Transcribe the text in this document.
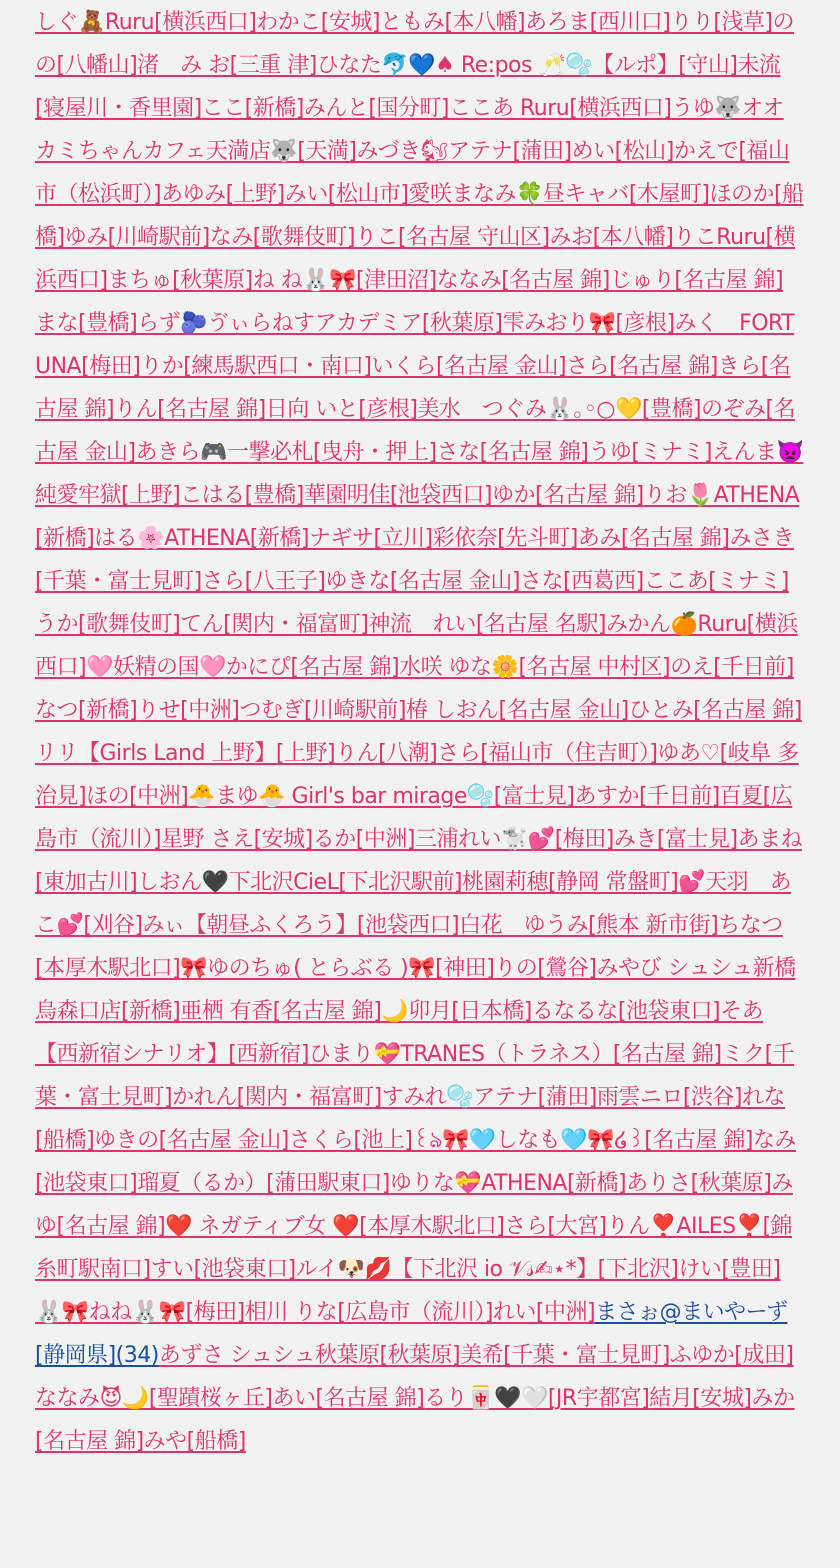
しぐ🧸Ruru[横浜西口]わかこ[安城]ともみ[本八幡]あろま[西川口]りり[浅草]のの[八幡山]渚　み お[三重 津]ひなた🐬💙♠ Re:pos 🥂🫧【ルポ】[守山]未流[寝屋川・香里園]ここ[新橋]みんと[国分町]ここあ Ruru[横浜西口]うゆ🐺オオカミちゃんカフェ天満店🐺[天満]みづき🐿アテナ[蒲田]めい[松山]かえで[福山市（松浜町）]あゆみ[上野]みい[松山市]愛咲まなみ🍀昼キャバ[木屋町]ほのか[船橋]ゆみ[川崎駅前]なみ[歌舞伎町]りこ[名古屋 守山区]みお[本八幡]りこRuru[横浜西口]まちゅ[秋葉原]ね ね🐰🎀[津田沼]ななみ[名古屋 錦]じゅり[名古屋 錦]まな[豊橋]らず🫐ゔぃらねすアカデミア[秋葉原]雫みおり🎀[彦根]みく　FORTUNA[梅田]りか[練馬駅西口・南口]いくら[名古屋 金山]さら[名古屋 錦]きら[名古屋 錦]りん[名古屋 錦]日向 いと[彦根]美水　つぐみ🐰｡◦○💛[豊橋]のぞみ[名古屋 金山]あきら🎮一撃必札[曳舟・押上]さな[名古屋 錦]うゆ[ミナミ]えんま👿純愛牢獄[上野]こはる[豊橋]華園明佳[池袋西口]ゆか[名古屋 錦]りお🌷ATHENA[新橋]はる🌸ATHENA[新橋]ナギサ[立川]彩依奈[先斗町]あみ[名古屋 錦]みさき[千葉・富士見町]さら[八王子]ゆきな[名古屋 金山]さな[西葛西]ここあ[ミナミ]うか[歌舞伎町]てん[関内・福富町]神流　れい[名古屋 名駅]みかん🍊Ruru[横浜西口]🩷妖精の国🩷かにぴ[名古屋 錦]水咲 ゆな🌼[名古屋 中村区]のえ[千日前]なつ[新橋]りせ[中洲]つむぎ[川崎駅前]椿 しおん[名古屋 金山]ひとみ[名古屋 錦]リリ【Girls Land 上野】[上野]りん[八潮]さら[福山市（住吉町）]ゆあ♡[岐阜 多治見]ほの[中洲]🐣まゆ🐣 Girl's bar mirage🫧[富士見]あすか[千日前]百夏[広島市（流川）]星野 さえ[安城]るか[中洲]三浦れい🐩💕[梅田]みき[富士見]あまね[東加古川]しおん🖤下北沢CieL[下北沢駅前]桃園莉穂[静岡 常盤町]💕天羽　あこ💕[刈谷]みぃ【朝昼ふくろう】[池袋西口]白花　ゆうみ[熊本 新市街]ちなつ[本厚木駅北口]🎀ゆのちゅ( とらぶる )🎀[神田]りの[鶯谷]みやび シュシュ新橋烏森口店[新橋]亜栖 有香[名古屋 錦]🌙卯月[日本橋]るなるな[池袋東口]そあ【西新宿シナリオ】[西新宿]ひまり💝TRANES（トラネス）[名古屋 錦]ミク[千葉・富士見町]かれん[関内・福富町]すみれ🫧アテナ[蒲田]雨雲ニロ[渋谷]れな[船橋]ゆきの[名古屋 金山]さくら[池上]꒰ঌ🎀🩵しなも🩵🎀໒꒱[名古屋 錦]なみ[池袋東口]瑠夏（るか）[蒲田駅東口]ゆりな💝ATHENA[新橋]ありさ[秋葉原]みゆ[名古屋 錦]❤️ ネガティブ女 ❤️[本厚木駅北口]さら[大宮]りん❣️AILES❣️[錦糸町駅南口]すい[池袋東口]ルイ🐶💋【下北沢 io 𝒱𝓈✍︎⋆*】[下北沢]けい[豊田]🐰🎀ねね🐰🎀[梅田]相川 りな[広島市（流川）]れい[中洲]まさぉ@まいやーず[静岡県](34)あずさ シュシュ秋葉原[秋葉原]美希[千葉・富士見町]ふゆか[成田]ななみ😈🌙[聖蹟桜ヶ丘]あい[名古屋 錦]るり🀄🖤🤍[JR宇都宮]結月[安城]みか[名古屋 錦]みや[船橋]
